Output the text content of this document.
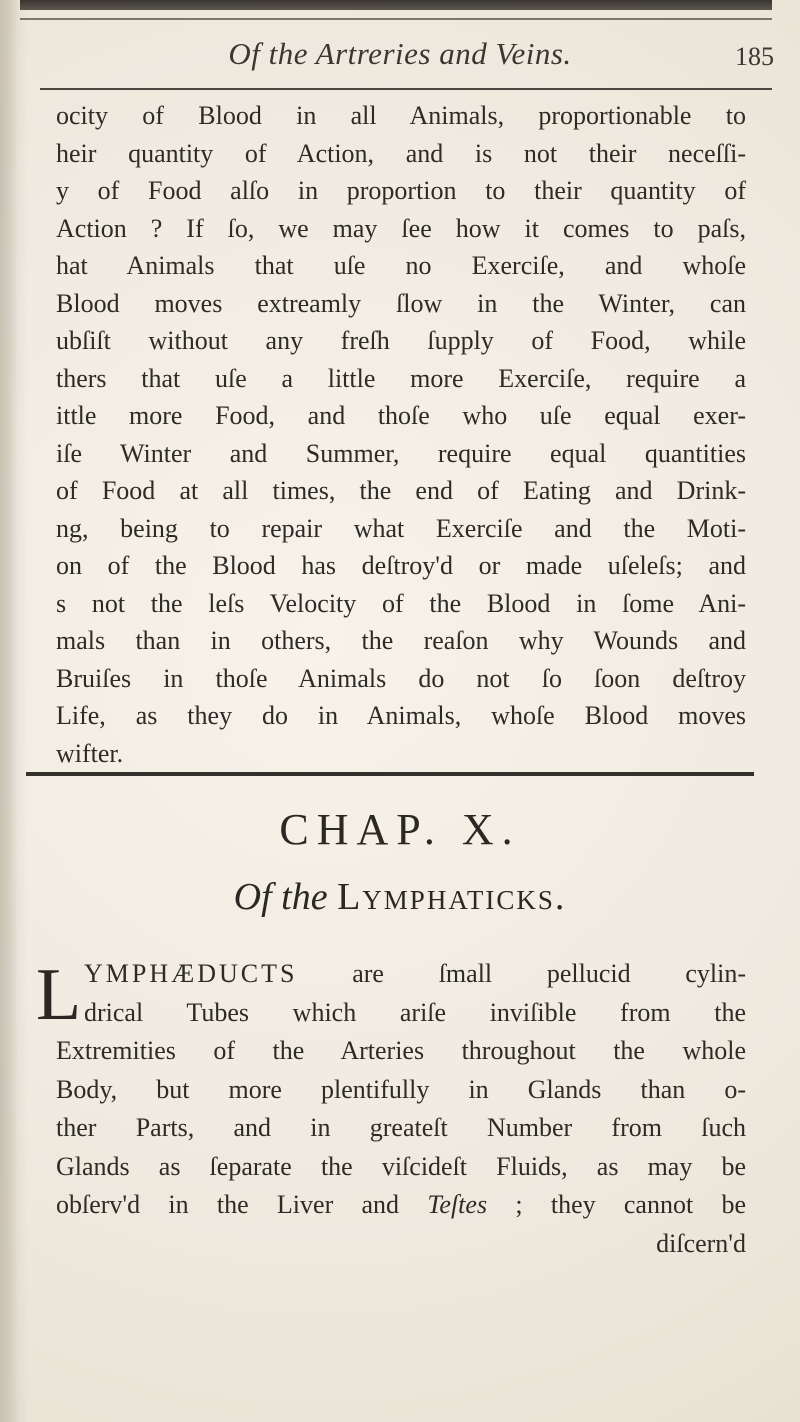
Of the Artreries and Veins.	185
ocity of Blood in all Animals, proportionable to
heir quantity of Action, and is not their neceſſi-
y of Food alſo in proportion to their quantity of
Action ? If ſo, we may ſee how it comes to paſs,
hat Animals that uſe no Exerciſe, and whoſe
Blood moves extreamly ſlow in the Winter, can
ubſiſt without any freſh ſupply of Food, while
thers that uſe a little more Exerciſe, require a
ittle more Food, and thoſe who uſe equal exer-
iſe Winter and Summer, require equal quantities
of Food at all times, the end of Eating and Drink-
ng, being to repair what Exerciſe and the Moti-
on of the Blood has deſtroy'd or made uſeleſs; and
s not the leſs Velocity of the Blood in ſome Ani-
mals than in others, the reaſon why Wounds and
Bruiſes in thoſe Animals do not ſo ſoon deſtroy
Life, as they do in Animals, whoſe Blood moves
wifter.
CHAP. X.
Of the Lymphaticks.
L YMPHÆDUCTS are ſmall pellucid cylin-
drical Tubes which ariſe inviſible from the
Extremities of the Arteries throughout the whole
Body, but more plentifully in Glands than o-
ther Parts, and in greateſt Number from ſuch
Glands as ſeparate the viſcideſt Fluids, as may be
obſerv'd in the Liver and Teſtes ; they cannot be
diſcern'd
